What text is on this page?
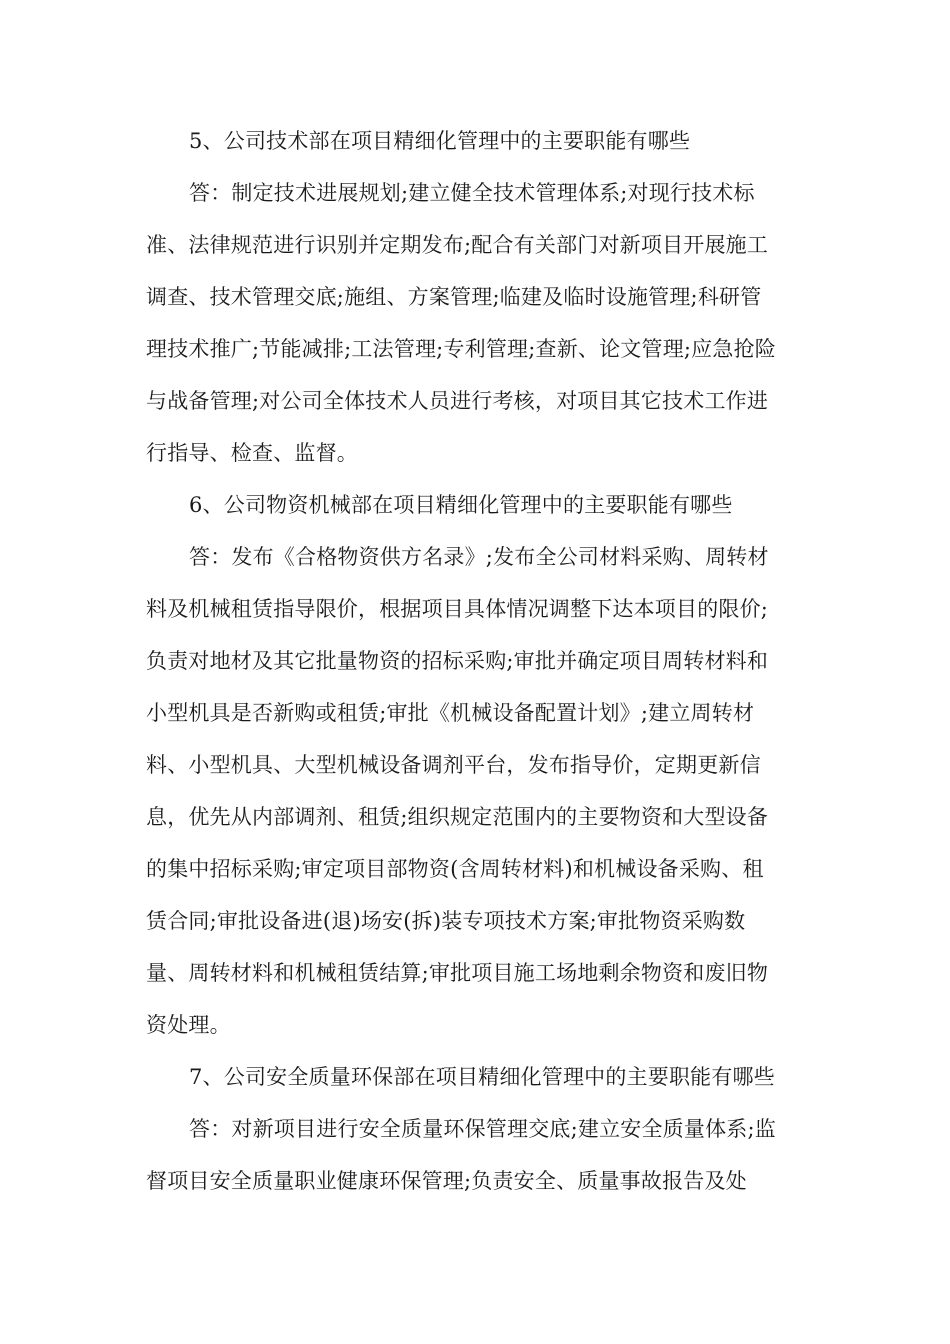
5、公司技术部在项目精细化管理中的主要职能有哪些
答：制定技术进展规划;建立健全技术管理体系;对现行技术标
准、法律规范进行识别并定期发布;配合有关部门对新项目开展施工
调查、技术管理交底;施组、方案管理;临建及临时设施管理;科研管
理技术推广;节能减排;工法管理;专利管理;查新、论文管理;应急抢险
与战备管理;对公司全体技术人员进行考核，对项目其它技术工作进
行指导、检查、监督。
6、公司物资机械部在项目精细化管理中的主要职能有哪些
答：发布《合格物资供方名录》;发布全公司材料采购、周转材
料及机械租赁指导限价，根据项目具体情况调整下达本项目的限价;
负责对地材及其它批量物资的招标采购;审批并确定项目周转材料和
小型机具是否新购或租赁;审批《机械设备配置计划》;建立周转材
料、小型机具、大型机械设备调剂平台，发布指导价，定期更新信
息，优先从内部调剂、租赁;组织规定范围内的主要物资和大型设备
的集中招标采购;审定项目部物资(含周转材料)和机械设备采购、租
赁合同;审批设备进(退)场安(拆)装专项技术方案;审批物资采购数
量、周转材料和机械租赁结算;审批项目施工场地剩余物资和废旧物
资处理。
7、公司安全质量环保部在项目精细化管理中的主要职能有哪些
答：对新项目进行安全质量环保管理交底;建立安全质量体系;监
督项目安全质量职业健康环保管理;负责安全、质量事故报告及处
